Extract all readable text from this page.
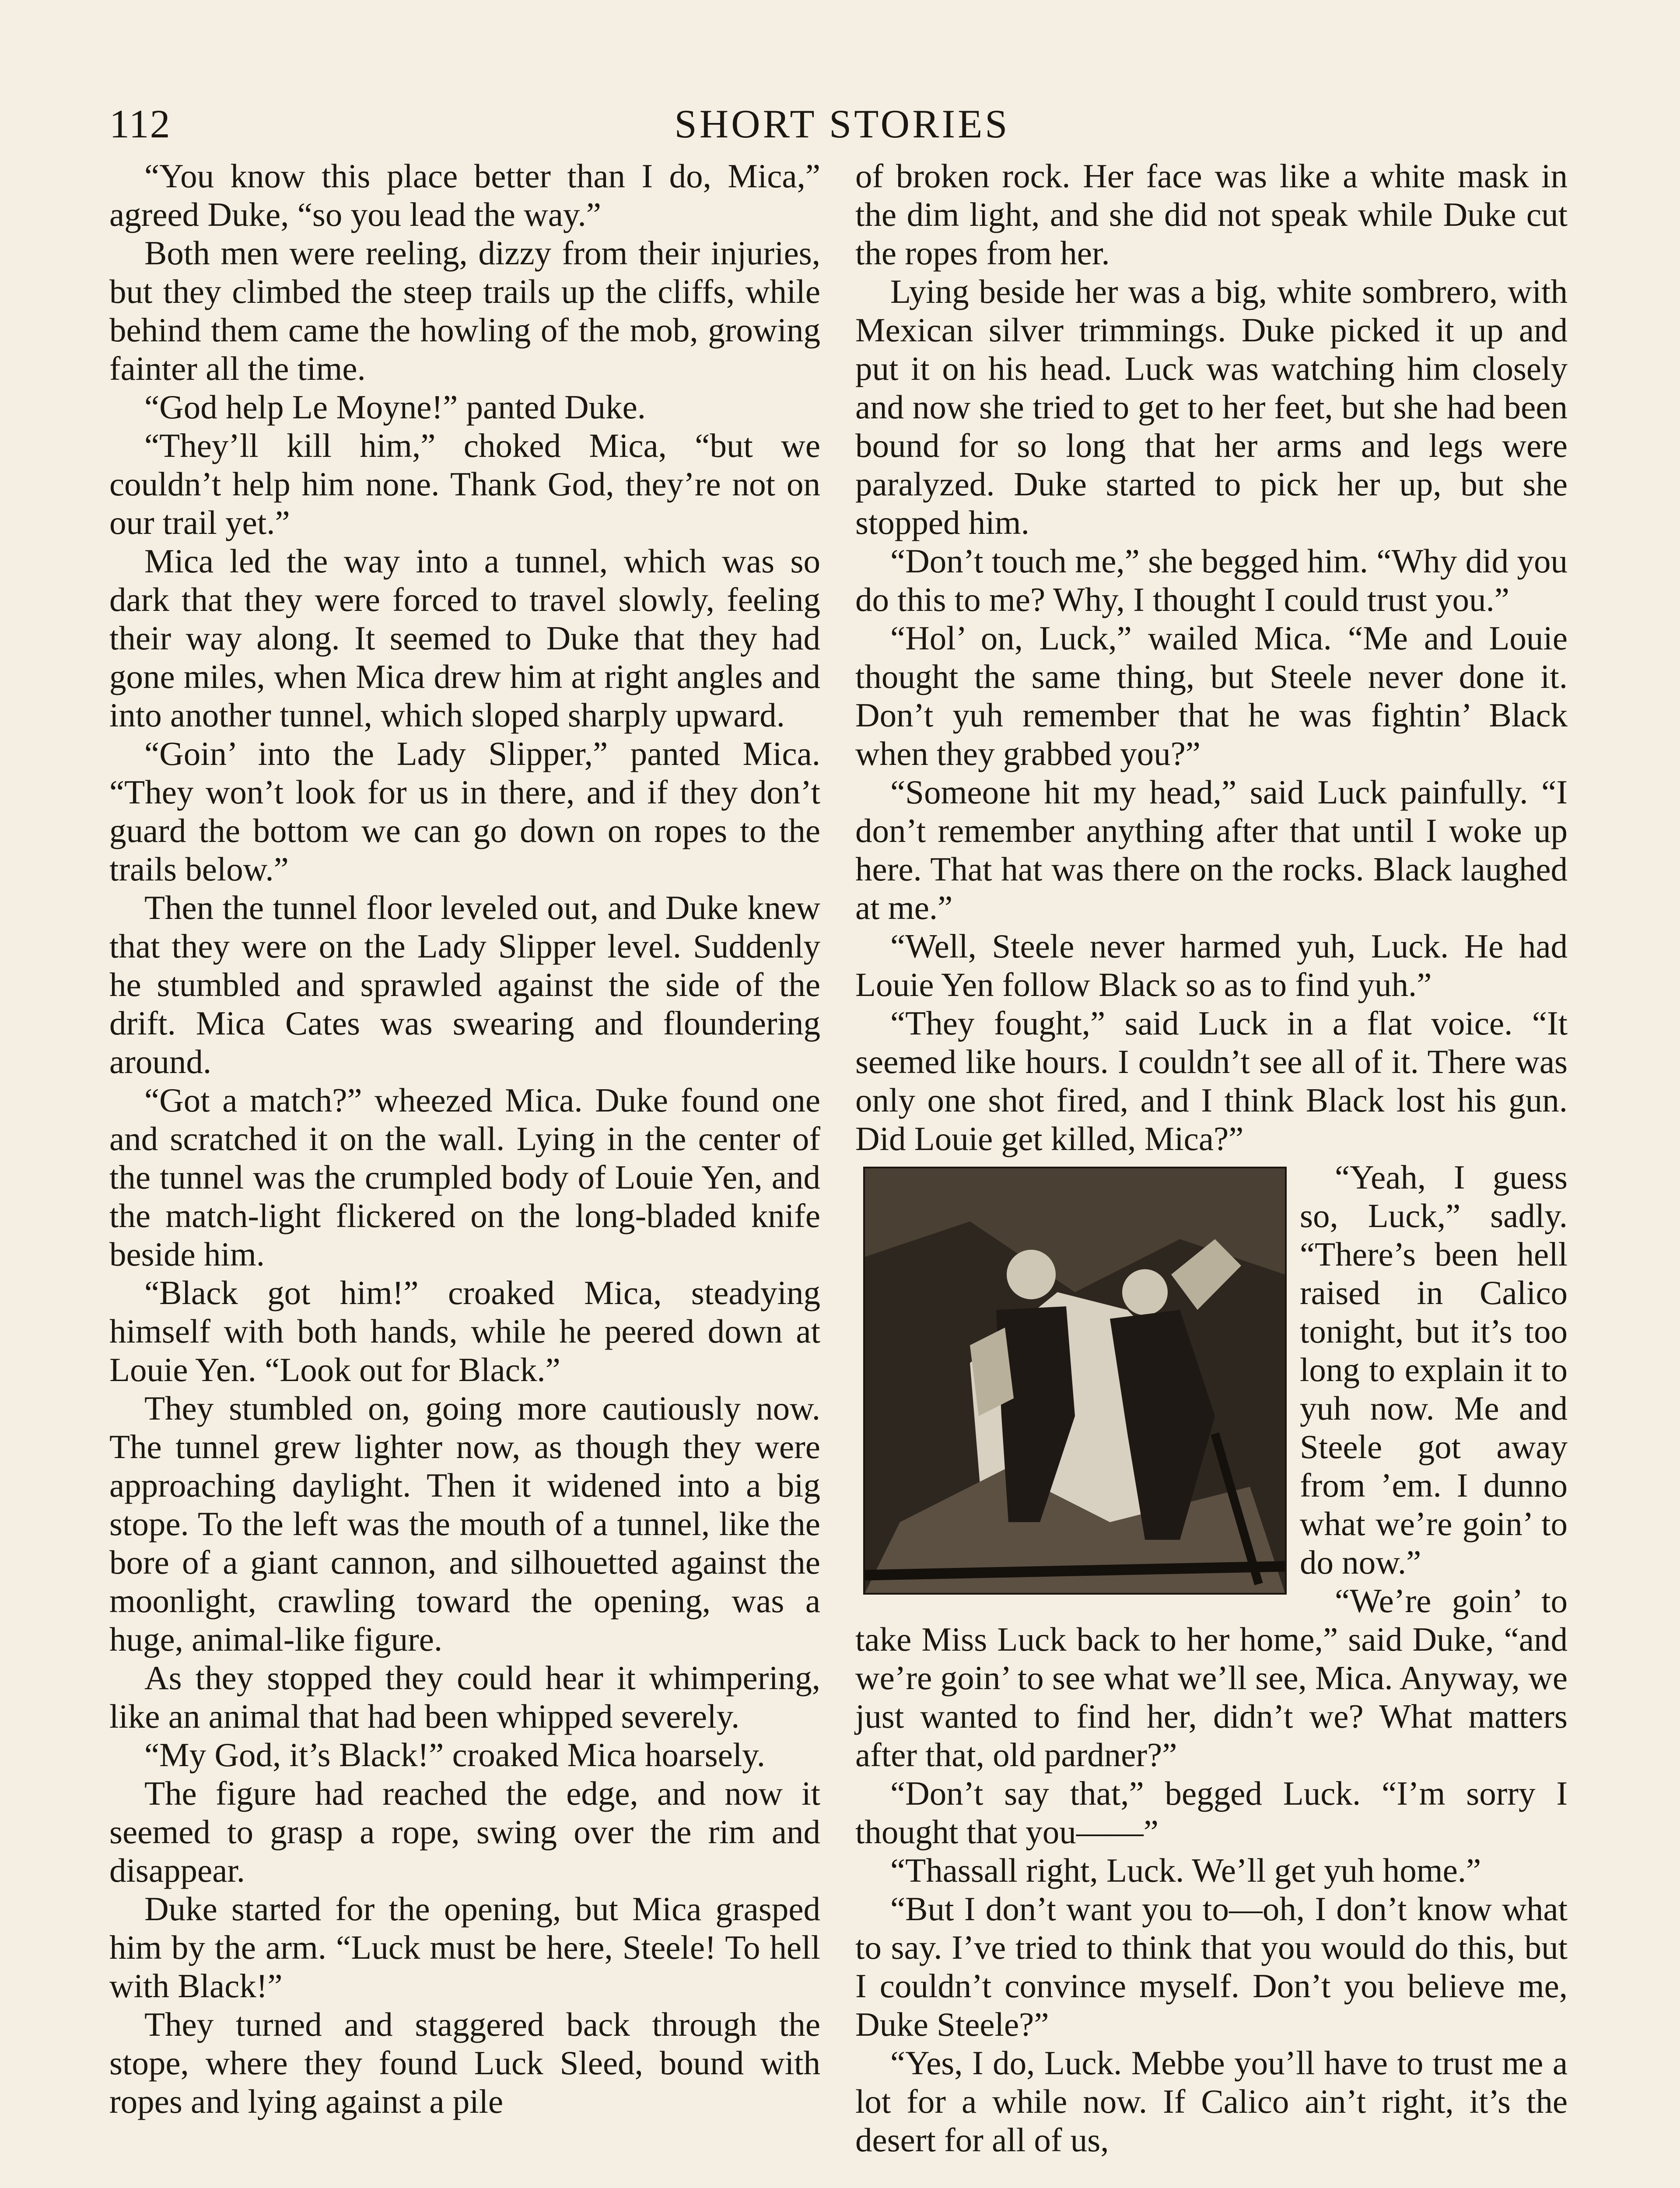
112	SHORT STORIES

“You know this place better than I do, Mica,” agreed Duke, “so you lead the way.”

Both men were reeling, dizzy from their injuries, but they climbed the steep trails up the cliffs, while behind them came the howling of the mob, growing fainter all the time.

“God help Le Moyne!” panted Duke.

“They’ll kill him,” choked Mica, “but we couldn’t help him none. Thank God, they’re not on our trail yet.”

Mica led the way into a tunnel, which was so dark that they were forced to travel slowly, feeling their way along. It seemed to Duke that they had gone miles, when Mica drew him at right angles and into another tunnel, which sloped sharply upward.

“Goin’ into the Lady Slipper,” panted Mica. “They won’t look for us in there, and if they don’t guard the bottom we can go down on ropes to the trails below.”

Then the tunnel floor leveled out, and Duke knew that they were on the Lady Slipper level. Suddenly he stumbled and sprawled against the side of the drift. Mica Cates was swearing and floundering around.

“Got a match?” wheezed Mica. Duke found one and scratched it on the wall. Lying in the center of the tunnel was the crumpled body of Louie Yen, and the match-light flickered on the long-bladed knife beside him.

“Black got him!” croaked Mica, steadying himself with both hands, while he peered down at Louie Yen. “Look out for Black.”

They stumbled on, going more cautiously now. The tunnel grew lighter now, as though they were approaching daylight. Then it widened into a big stope. To the left was the mouth of a tunnel, like the bore of a giant cannon, and silhouetted against the moonlight, crawling toward the opening, was a huge, animal-like figure.

As they stopped they could hear it whimpering, like an animal that had been whipped severely.

“My God, it’s Black!” croaked Mica hoarsely.

The figure had reached the edge, and now it seemed to grasp a rope, swing over the rim and disappear.

Duke started for the opening, but Mica grasped him by the arm. “Luck must be here, Steele! To hell with Black!”

They turned and staggered back through the stope, where they found Luck Sleed, bound with ropes and lying against a pile

of broken rock. Her face was like a white mask in the dim light, and she did not speak while Duke cut the ropes from her.

Lying beside her was a big, white sombrero, with Mexican silver trimmings. Duke picked it up and put it on his head. Luck was watching him closely and now she tried to get to her feet, but she had been bound for so long that her arms and legs were paralyzed. Duke started to pick her up, but she stopped him.

“Don’t touch me,” she begged him. “Why did you do this to me? Why, I thought I could trust you.”

“Hol’ on, Luck,” wailed Mica. “Me and Louie thought the same thing, but Steele never done it. Don’t yuh remember that he was fightin’ Black when they grabbed you?”

“Someone hit my head,” said Luck painfully. “I don’t remember anything after that until I woke up here. That hat was there on the rocks. Black laughed at me.”

“Well, Steele never harmed yuh, Luck. He had Louie Yen follow Black so as to find yuh.”

“They fought,” said Luck in a flat voice. “It seemed like hours. I couldn’t see all of it. There was only one shot fired, and I think Black lost his gun. Did Louie get killed, Mica?”

“Yeah, I guess so, Luck,” sadly. “There’s been hell raised in Calico tonight, but it’s too long to explain it to yuh now. Me and Steele got away from ’em. I dunno what we’re goin’ to do now.”

“We’re goin’ to take Miss Luck back to her home,” said Duke, “and we’re goin’ to see what we’ll see, Mica. Anyway, we just wanted to find her, didn’t we? What matters after that, old pardner?”

“Don’t say that,” begged Luck. “I’m sorry I thought that you——”

“Thassall right, Luck. We’ll get yuh home.”

“But I don’t want you to—oh, I don’t know what to say. I’ve tried to think that you would do this, but I couldn’t convince myself. Don’t you believe me, Duke Steele?”

“Yes, I do, Luck. Mebbe you’ll have to trust me a lot for a while now. If Calico ain’t right, it’s the desert for all of us,
